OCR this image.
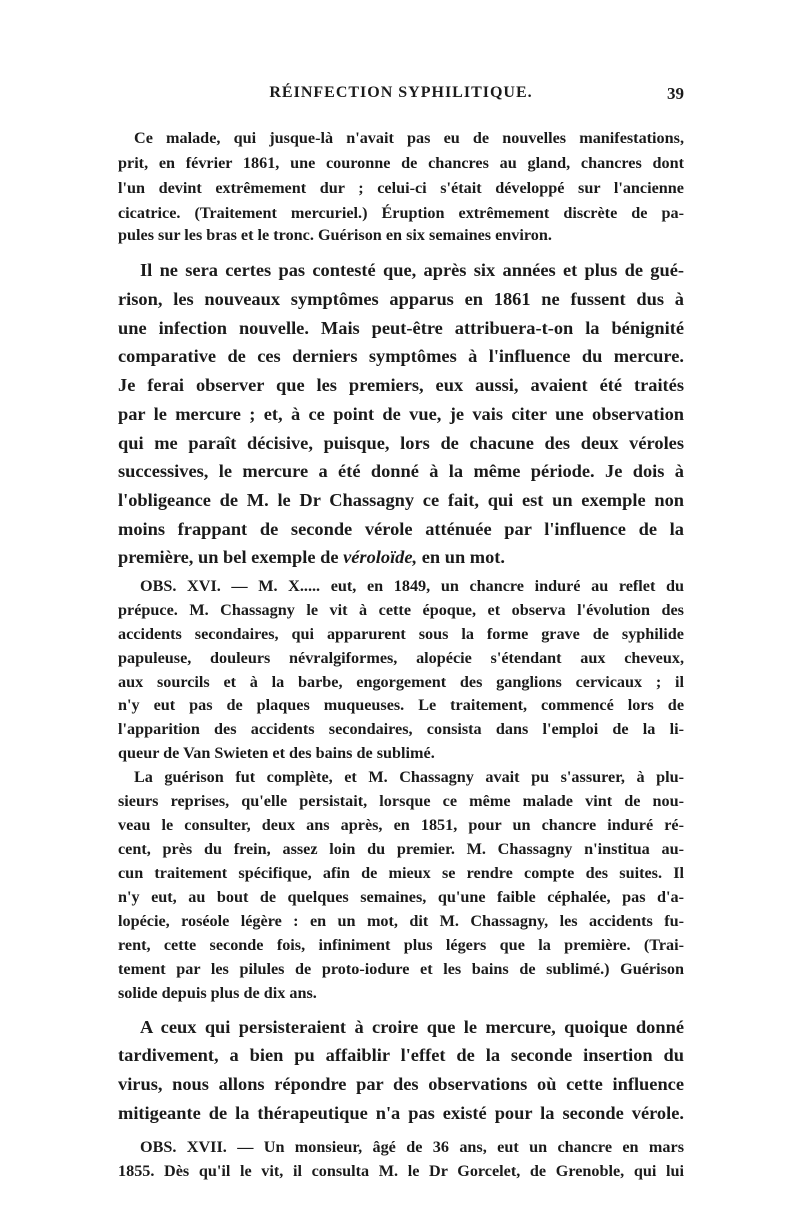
RÉINFECTION SYPHILITIQUE.	39

Ce malade, qui jusque-là n'avait pas eu de nouvelles manifestations,

prit, en février 1861, une couronne de chancres au gland, chancres dont

l'un devint extrêmement dur ; celui-ci s'était développé sur l'ancienne

cicatrice. (Traitement mercuriel.) Éruption extrêmement discrète de pa-

pules sur les bras et le tronc. Guérison en six semaines environ.

Il ne sera certes pas contesté que, après six années et plus de gué-

rison, les nouveaux symptômes apparus en 1861 ne fussent dus à

une infection nouvelle. Mais peut-être attribuera-t-on la bénignité

comparative de ces derniers symptômes à l'influence du mercure.

Je ferai observer que les premiers, eux aussi, avaient été traités

par le mercure ; et, à ce point de vue, je vais citer une observation

qui me paraît décisive, puisque, lors de chacune des deux véroles

successives, le mercure a été donné à la même période. Je dois à

l'obligeance de M. le Dr Chassagny ce fait, qui est un exemple non

moins frappant de seconde vérole atténuée par l'influence de la

première, un bel exemple de véroloïde, en un mot.

OBS. XVI. — M. X..... eut, en 1849, un chancre induré au reflet du

prépuce. M. Chassagny le vit à cette époque, et observa l'évolution des

accidents secondaires, qui apparurent sous la forme grave de syphilide

papuleuse, douleurs névralgiformes, alopécie s'étendant aux cheveux,

aux sourcils et à la barbe, engorgement des ganglions cervicaux ; il

n'y eut pas de plaques muqueuses. Le traitement, commencé lors de

l'apparition des accidents secondaires, consista dans l'emploi de la li-

queur de Van Swieten et des bains de sublimé.

La guérison fut complète, et M. Chassagny avait pu s'assurer, à plu-

sieurs reprises, qu'elle persistait, lorsque ce même malade vint de nou-

veau le consulter, deux ans après, en 1851, pour un chancre induré ré-

cent, près du frein, assez loin du premier. M. Chassagny n'institua au-

cun traitement spécifique, afin de mieux se rendre compte des suites. Il

n'y eut, au bout de quelques semaines, qu'une faible céphalée, pas d'a-

lopécie, roséole légère : en un mot, dit M. Chassagny, les accidents fu-

rent, cette seconde fois, infiniment plus légers que la première. (Trai-

tement par les pilules de proto-iodure et les bains de sublimé.) Guérison

solide depuis plus de dix ans.

A ceux qui persisteraient à croire que le mercure, quoique donné

tardivement, a bien pu affaiblir l'effet de la seconde insertion du

virus, nous allons répondre par des observations où cette influence

mitigeante de la thérapeutique n'a pas existé pour la seconde vérole.

OBS. XVII. — Un monsieur, âgé de 36 ans, eut un chancre en mars

1855. Dès qu'il le vit, il consulta M. le Dr Gorcelet, de Grenoble, qui lui
